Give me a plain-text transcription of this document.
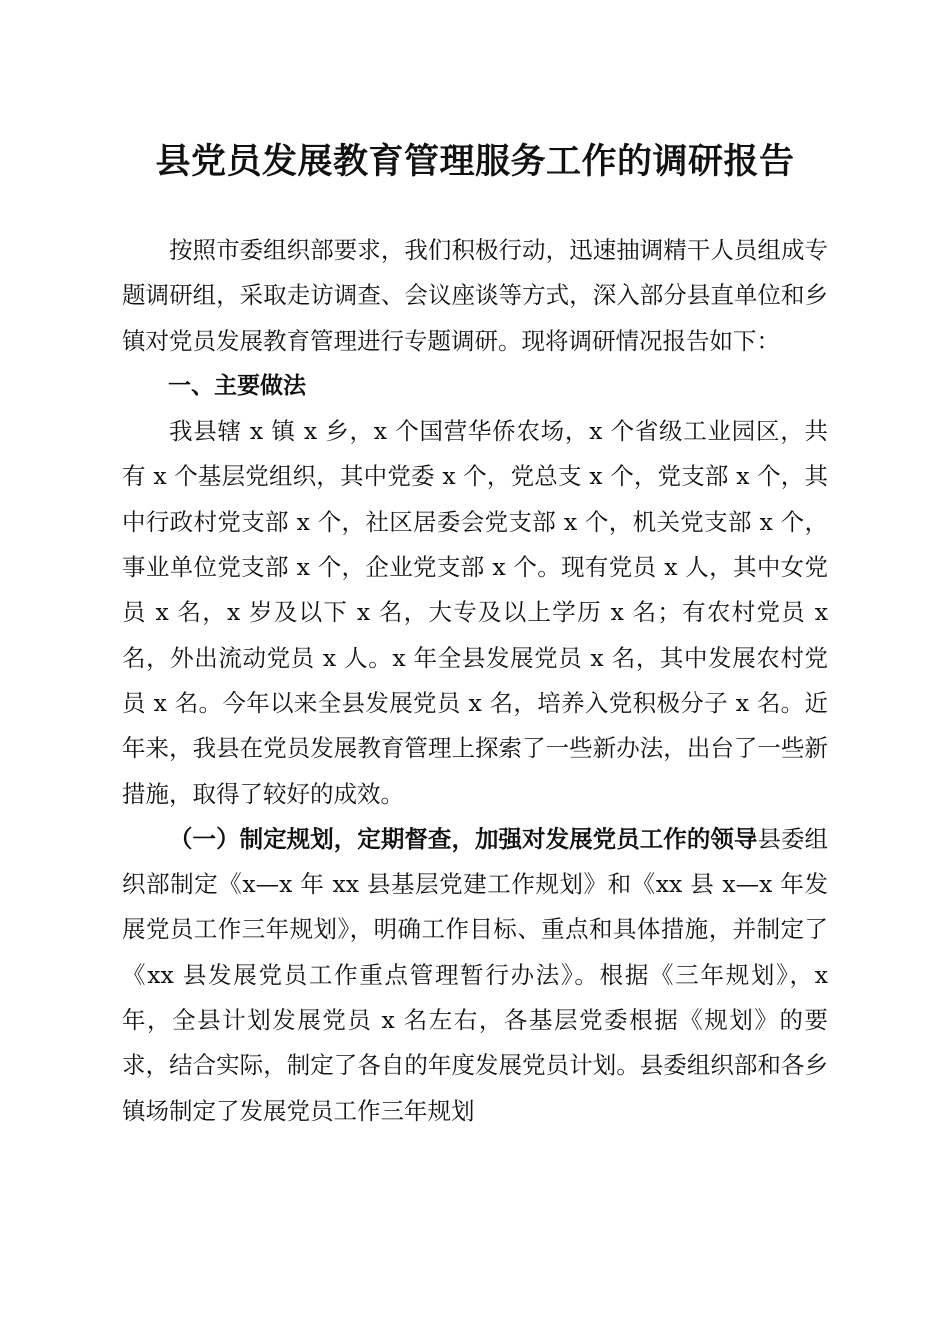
县党员发展教育管理服务工作的调研报告

按照市委组织部要求，我们积极行动，迅速抽调精干人员组成专题调研组，采取走访调查、会议座谈等方式，深入部分县直单位和乡镇对党员发展教育管理进行专题调研。现将调研情况报告如下：

一、主要做法

我县辖 x 镇 x 乡，x 个国营华侨农场，x 个省级工业园区，共有 x 个基层党组织，其中党委 x 个，党总支 x 个，党支部 x 个，其中行政村党支部 x 个，社区居委会党支部 x 个，机关党支部 x 个，事业单位党支部 x 个，企业党支部 x 个。现有党员 x 人，其中女党员 x 名，x 岁及以下 x 名，大专及以上学历 x 名；有农村党员 x 名，外出流动党员 x 人。x 年全县发展党员 x 名，其中发展农村党员 x 名。今年以来全县发展党员 x 名，培养入党积极分子 x 名。近年来，我县在党员发展教育管理上探索了一些新办法，出台了一些新措施，取得了较好的成效。

（一）制定规划，定期督查，加强对发展党员工作的领导县委组织部制定《x—x 年 xx 县基层党建工作规划》和《xx 县 x—x 年发展党员工作三年规划》，明确工作目标、重点和具体措施，并制定了《xx 县发展党员工作重点管理暂行办法》。根据《三年规划》，x 年，全县计划发展党员 x 名左右，各基层党委根据《规划》的要求，结合实际，制定了各自的年度发展党员计划。县委组织部和各乡镇场制定了发展党员工作三年规划
